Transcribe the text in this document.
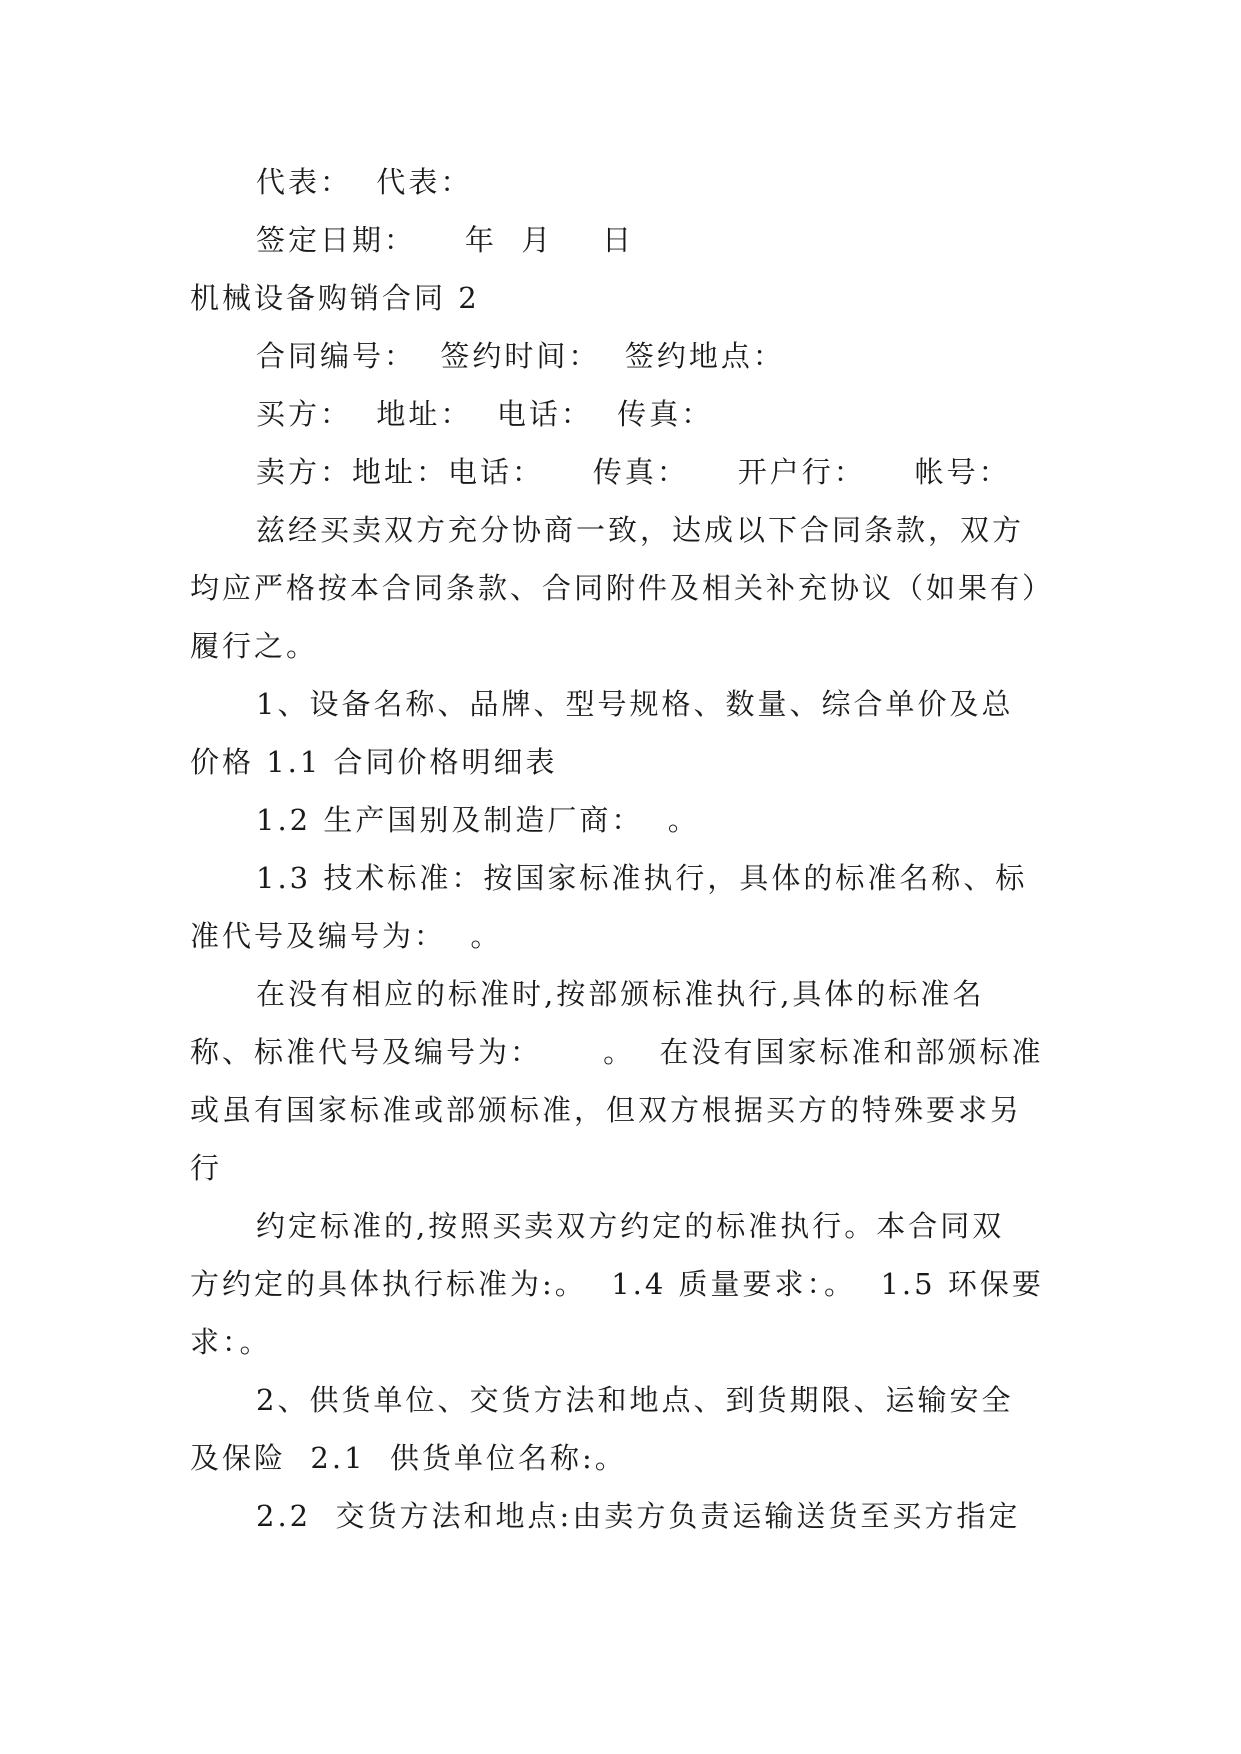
代表：  代表：
签定日期：    年  月    日
机械设备购销合同 2
合同编号：  签约时间：  签约地点：
买方：  地址：  电话：  传真：
卖方：地址：电话：    传真：    开户行：    帐号：
兹经买卖双方充分协商一致，达成以下合同条款，双方
均应严格按本合同条款、合同附件及相关补充协议（如果有）
履行之。
1、设备名称、品牌、型号规格、数量、综合单价及总
价格 1.1 合同价格明细表
1.2 生产国别及制造厂商：  。
1.3 技术标准：按国家标准执行，具体的标准名称、标
准代号及编号为：  。
在没有相应的标准时,按部颁标准执行,具体的标准名
称、标准代号及编号为：     。  在没有国家标准和部颁标准
或虽有国家标准或部颁标准，但双方根据买方的特殊要求另
行
约定标准的,按照买卖双方约定的标准执行。本合同双
方约定的具体执行标准为:。  1.4 质量要求：。  1.5 环保要
求：。
2、供货单位、交货方法和地点、到货期限、运输安全
及保险  2.1  供货单位名称:。
2.2  交货方法和地点:由卖方负责运输送货至买方指定
